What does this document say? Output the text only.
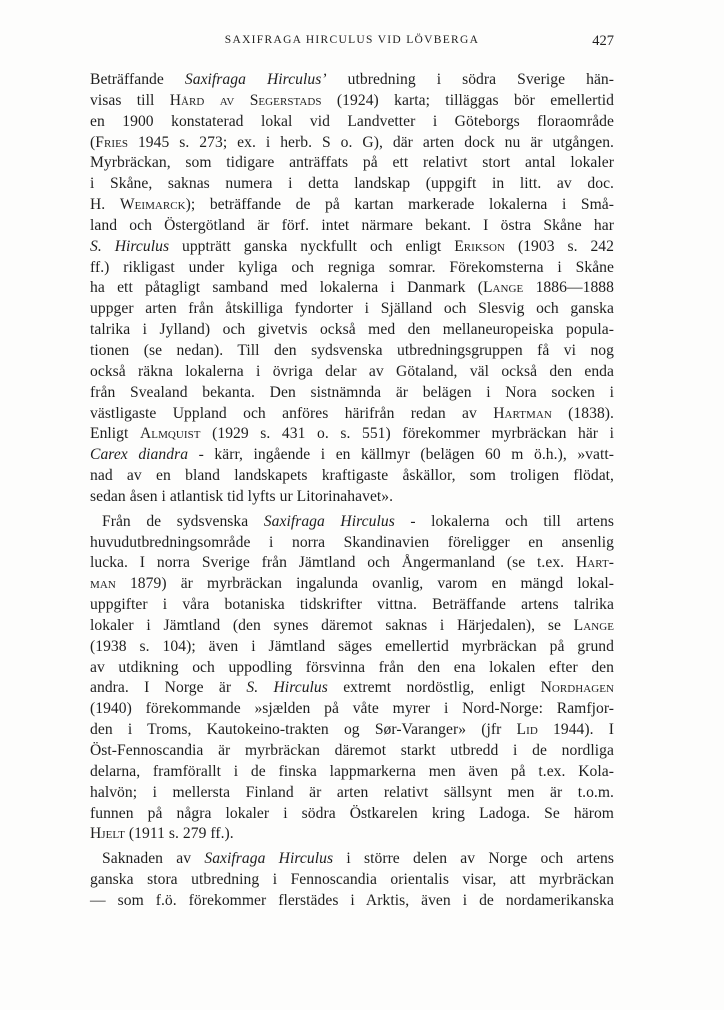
SAXIFRAGA HIRCULUS VID LÖVBERGA	427
Beträffande Saxifraga Hirculus’ utbredning i södra Sverige hän-
visas till Hård av Segerstads (1924) karta; tilläggas bör emellertid
en 1900 konstaterad lokal vid Landvetter i Göteborgs floraområde
(Fries 1945 s. 273; ex. i herb. S o. G), där arten dock nu är utgången.
Myrbräckan, som tidigare anträffats på ett relativt stort antal lokaler
i Skåne, saknas numera i detta landskap (uppgift in litt. av doc.
H. Weimarck); beträffande de på kartan markerade lokalerna i Små-
land och Östergötland är förf. intet närmare bekant. I östra Skåne har
S. Hirculus uppträtt ganska nyckfullt och enligt Erikson (1903 s. 242
ff.) rikligast under kyliga och regniga somrar. Förekomsterna i Skåne
ha ett påtagligt samband med lokalerna i Danmark (Lange 1886—1888
uppger arten från åtskilliga fyndorter i Själland och Slesvig och ganska
talrika i Jylland) och givetvis också med den mellaneuropeiska popula-
tionen (se nedan). Till den sydsvenska utbredningsgruppen få vi nog
också räkna lokalerna i övriga delar av Götaland, väl också den enda
från Svealand bekanta. Den sistnämnda är belägen i Nora socken i
västligaste Uppland och anföres härifrån redan av Hartman (1838).
Enligt Almquist (1929 s. 431 o. s. 551) förekommer myrbräckan här i
Carex diandra - kärr, ingående i en källmyr (belägen 60 m ö.h.), »vatt-
nad av en bland landskapets kraftigaste åskällor, som troligen flödat,
sedan åsen i atlantisk tid lyfts ur Litorinahavet».
Från de sydsvenska Saxifraga Hirculus - lokalerna och till artens
huvudutbredningsområde i norra Skandinavien föreligger en ansenlig
lucka. I norra Sverige från Jämtland och Ångermanland (se t.ex. Hart-
man 1879) är myrbräckan ingalunda ovanlig, varom en mängd lokal-
uppgifter i våra botaniska tidskrifter vittna. Beträffande artens talrika
lokaler i Jämtland (den synes däremot saknas i Härjedalen), se Lange
(1938 s. 104); även i Jämtland säges emellertid myrbräckan på grund
av utdikning och uppodling försvinna från den ena lokalen efter den
andra. I Norge är S. Hirculus extremt nordöstlig, enligt Nordhagen
(1940) förekommande »sjælden på våte myrer i Nord-Norge: Ramfjor-
den i Troms, Kautokeino-trakten og Sør-Varanger» (jfr Lid 1944). I
Öst-Fennoscandia är myrbräckan däremot starkt utbredd i de nordliga
delarna, framförallt i de finska lappmarkerna men även på t.ex. Kola-
halvön; i mellersta Finland är arten relativt sällsynt men är t.o.m.
funnen på några lokaler i södra Östkarelen kring Ladoga. Se härom
Hjelt (1911 s. 279 ff.).
Saknaden av Saxifraga Hirculus i större delen av Norge och artens
ganska stora utbredning i Fennoscandia orientalis visar, att myrbräckan
— som f.ö. förekommer flerstädes i Arktis, även i de nordamerikanska
